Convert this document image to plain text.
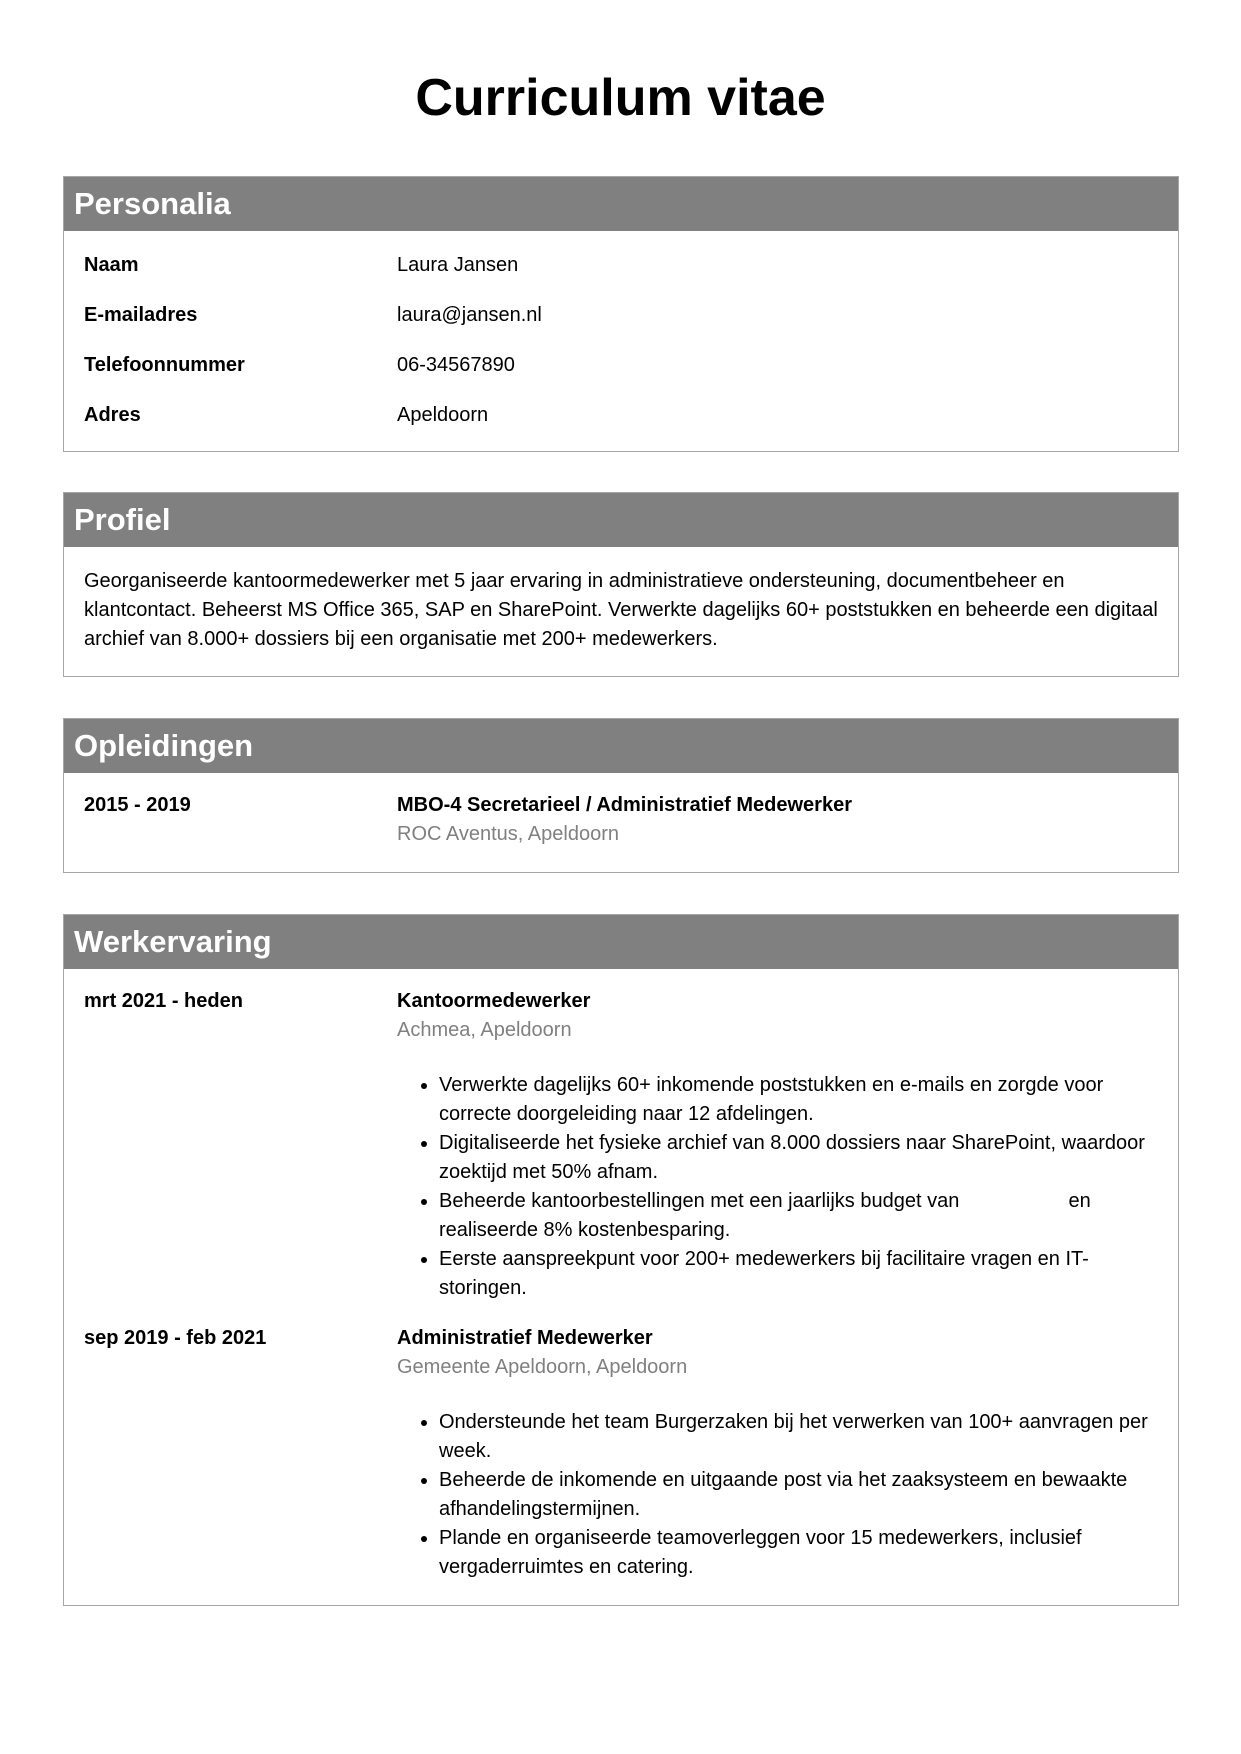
Curriculum vitae
Personalia
Naam	Laura Jansen
E-mailadres	laura@jansen.nl
Telefoonnummer	06-34567890
Adres	Apeldoorn
Profiel

Georganiseerde kantoormedewerker met 5 jaar ervaring in administratieve ondersteuning, documentbeheer en klantcontact. Beheerst MS Office 365, SAP en SharePoint. Verwerkte dagelijks 60+ poststukken en beheerde een digitaal archief van 8.000+ dossiers bij een organisatie met 200+ medewerkers.

Opleidingen
2015 - 2019	MBO-4 Secretarieel / Administratief Medewerker
ROC Aventus, Apeldoorn
Werkervaring
mrt 2021 - heden	Kantoormedewerker
Achmea, Apeldoorn
• Verwerkte dagelijks 60+ inkomende poststukken en e-mails en zorgde voor correcte doorgeleiding naar 12 afdelingen.
• Digitaliseerde het fysieke archief van 8.000 dossiers naar SharePoint, waardoor zoektijd met 50% afnam.
• Beheerde kantoorbestellingen met een jaarlijks budget van	en realiseerde 8% kostenbesparing.
• Eerste aanspreekpunt voor 200+ medewerkers bij facilitaire vragen en IT-storingen.
sep 2019 - feb 2021	Administratief Medewerker
Gemeente Apeldoorn, Apeldoorn
• Ondersteunde het team Burgerzaken bij het verwerken van 100+ aanvragen per week.
• Beheerde de inkomende en uitgaande post via het zaaksysteem en bewaakte afhandelingstermijnen.
• Plande en organiseerde teamoverleggen voor 15 medewerkers, inclusief vergaderruimtes en catering.
